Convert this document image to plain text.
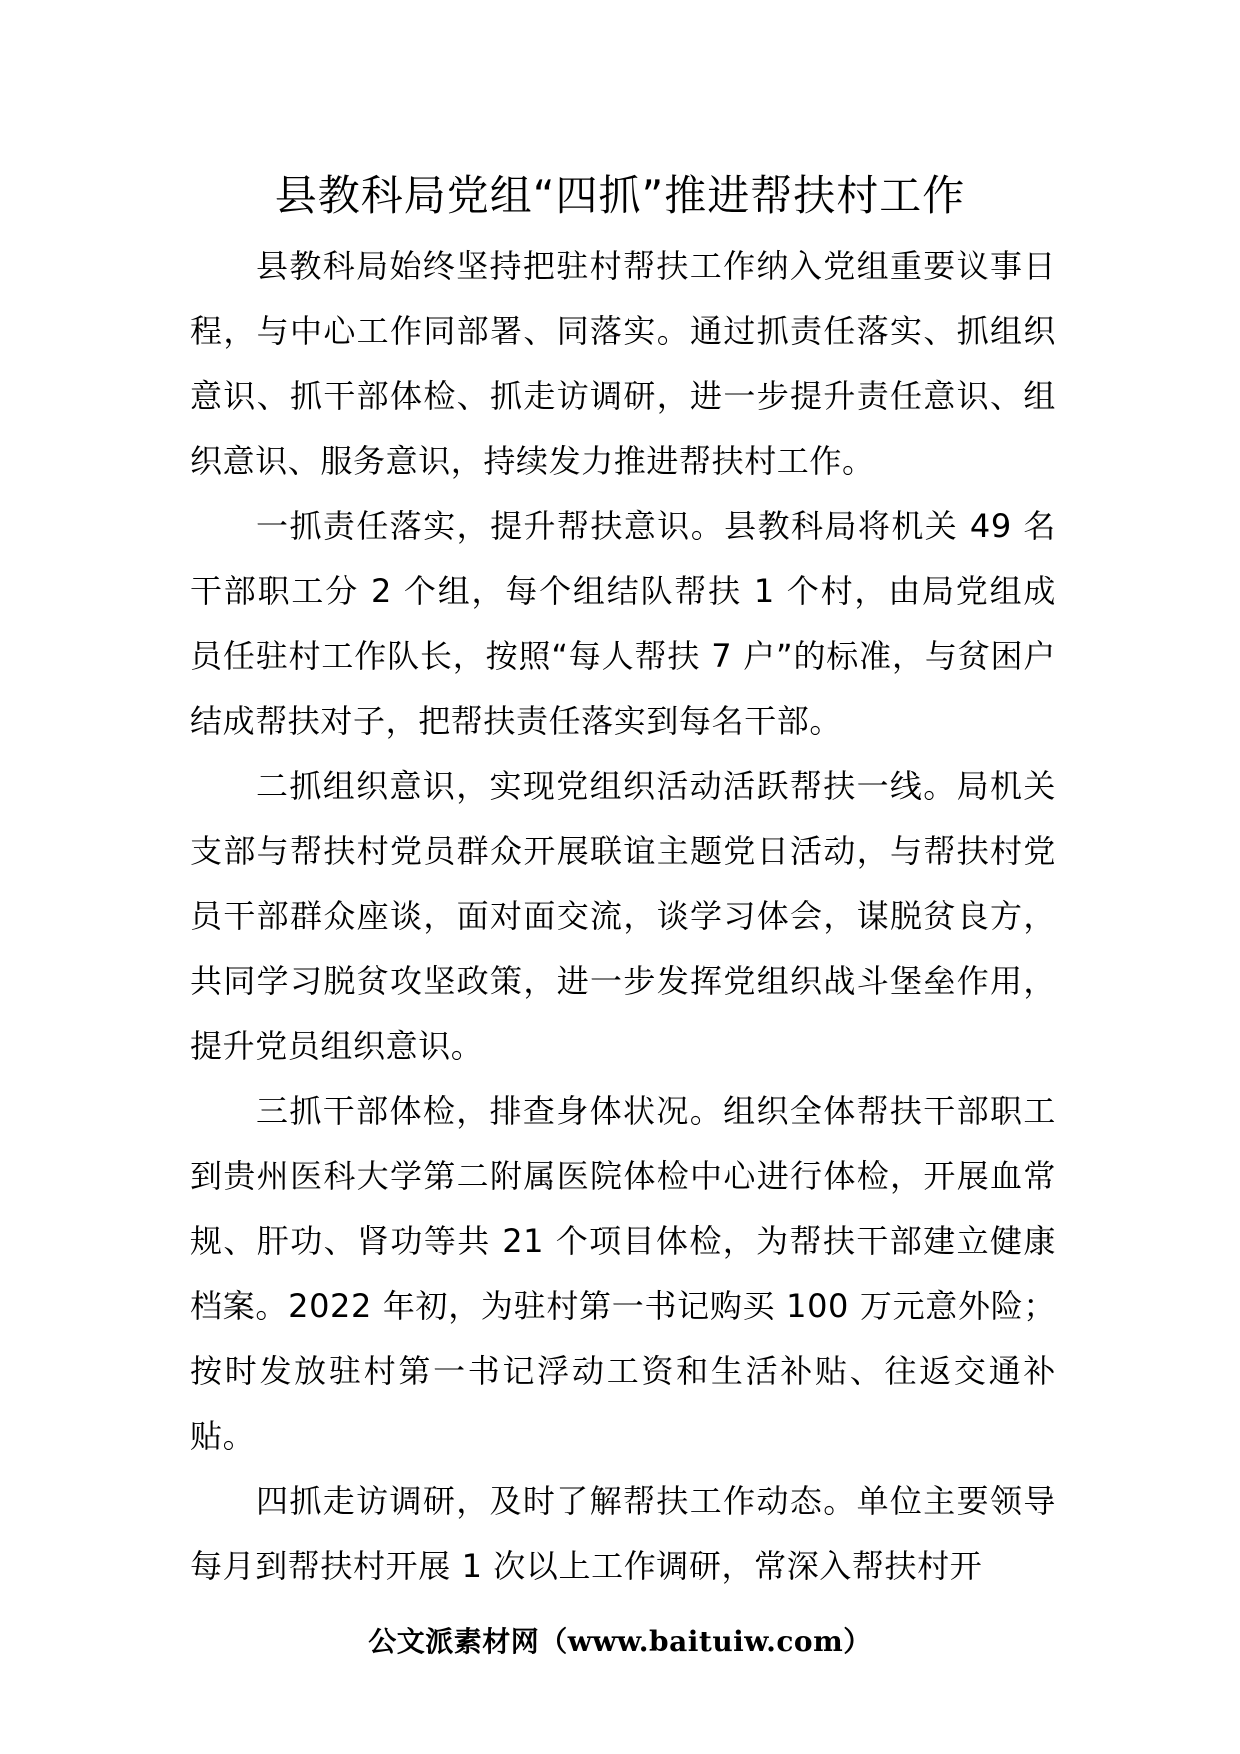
县教科局党组“四抓”推进帮扶村工作

县教科局始终坚持把驻村帮扶工作纳入党组重要议事日程，与中心工作同部署、同落实。通过抓责任落实、抓组织意识、抓干部体检、抓走访调研，进一步提升责任意识、组织意识、服务意识，持续发力推进帮扶村工作。

一抓责任落实，提升帮扶意识。县教科局将机关 49 名干部职工分 2 个组，每个组结队帮扶 1 个村，由局党组成员任驻村工作队长，按照“每人帮扶 7 户”的标准，与贫困户结成帮扶对子，把帮扶责任落实到每名干部。

二抓组织意识，实现党组织活动活跃帮扶一线。局机关支部与帮扶村党员群众开展联谊主题党日活动，与帮扶村党员干部群众座谈，面对面交流，谈学习体会，谋脱贫良方，共同学习脱贫攻坚政策，进一步发挥党组织战斗堡垒作用，提升党员组织意识。

三抓干部体检，排查身体状况。组织全体帮扶干部职工到贵州医科大学第二附属医院体检中心进行体检，开展血常规、肝功、肾功等共 21 个项目体检，为帮扶干部建立健康档案。2022 年初，为驻村第一书记购买 100 万元意外险；按时发放驻村第一书记浮动工资和生活补贴、往返交通补贴。

四抓走访调研，及时了解帮扶工作动态。单位主要领导每月到帮扶村开展 1 次以上工作调研，常深入帮扶村开

公文派素材网（www.baituiw.com）
